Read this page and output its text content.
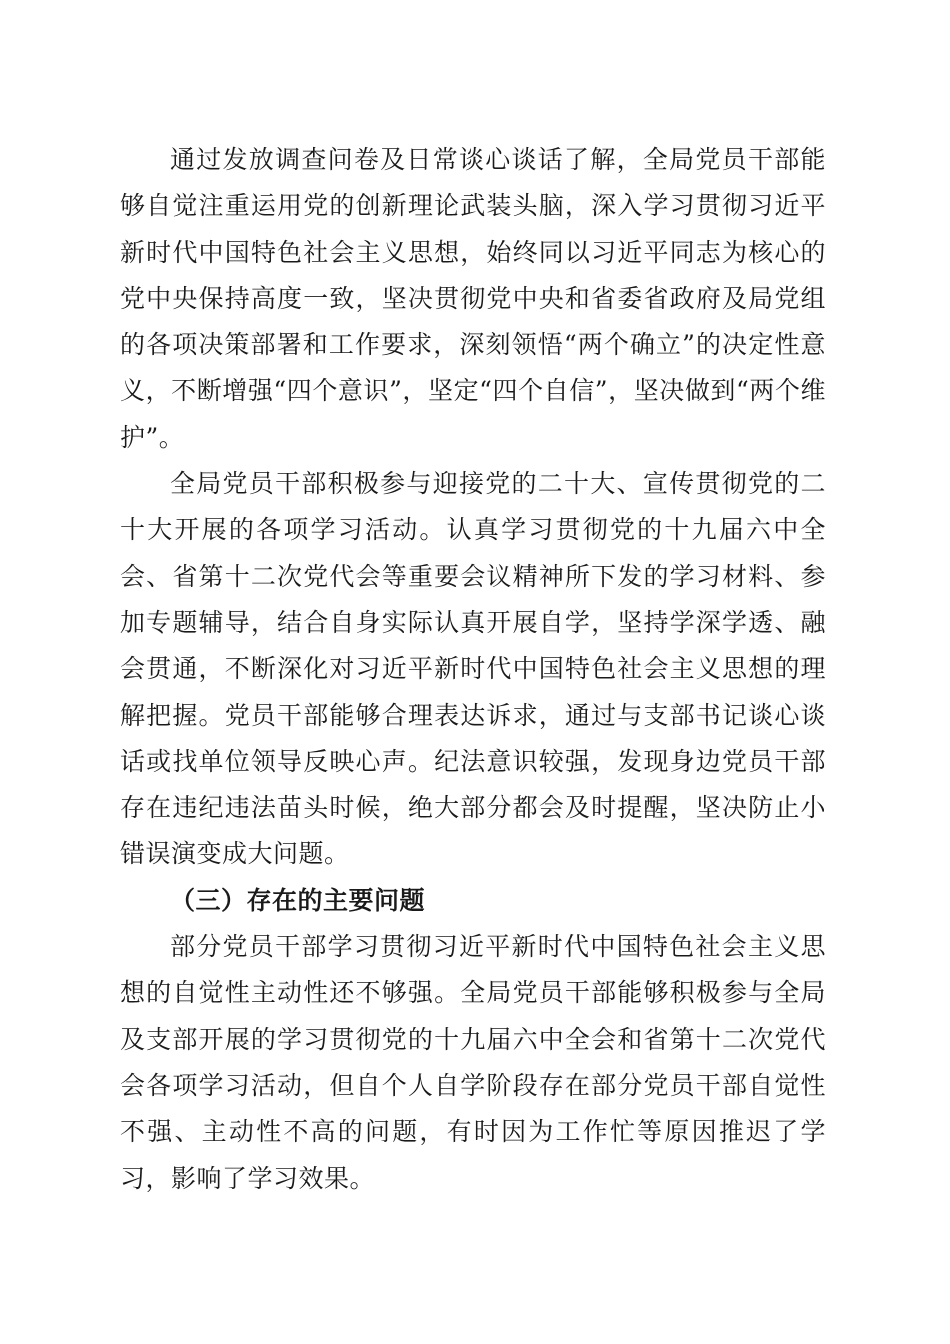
通过发放调查问卷及日常谈心谈话了解，全局党员干部能够自觉注重运用党的创新理论武装头脑，深入学习贯彻习近平新时代中国特色社会主义思想，始终同以习近平同志为核心的党中央保持高度一致，坚决贯彻党中央和省委省政府及局党组的各项决策部署和工作要求，深刻领悟“两个确立”的决定性意义，不断增强“四个意识”，坚定“四个自信”，坚决做到“两个维护”。

全局党员干部积极参与迎接党的二十大、宣传贯彻党的二十大开展的各项学习活动。认真学习贯彻党的十九届六中全会、省第十二次党代会等重要会议精神所下发的学习材料、参加专题辅导，结合自身实际认真开展自学，坚持学深学透、融会贯通，不断深化对习近平新时代中国特色社会主义思想的理解把握。党员干部能够合理表达诉求，通过与支部书记谈心谈话或找单位领导反映心声。纪法意识较强，发现身边党员干部存在违纪违法苗头时候，绝大部分都会及时提醒，坚决防止小错误演变成大问题。

（三）存在的主要问题

部分党员干部学习贯彻习近平新时代中国特色社会主义思想的自觉性主动性还不够强。全局党员干部能够积极参与全局及支部开展的学习贯彻党的十九届六中全会和省第十二次党代会各项学习活动，但自个人自学阶段存在部分党员干部自觉性不强、主动性不高的问题，有时因为工作忙等原因推迟了学习，影响了学习效果。
